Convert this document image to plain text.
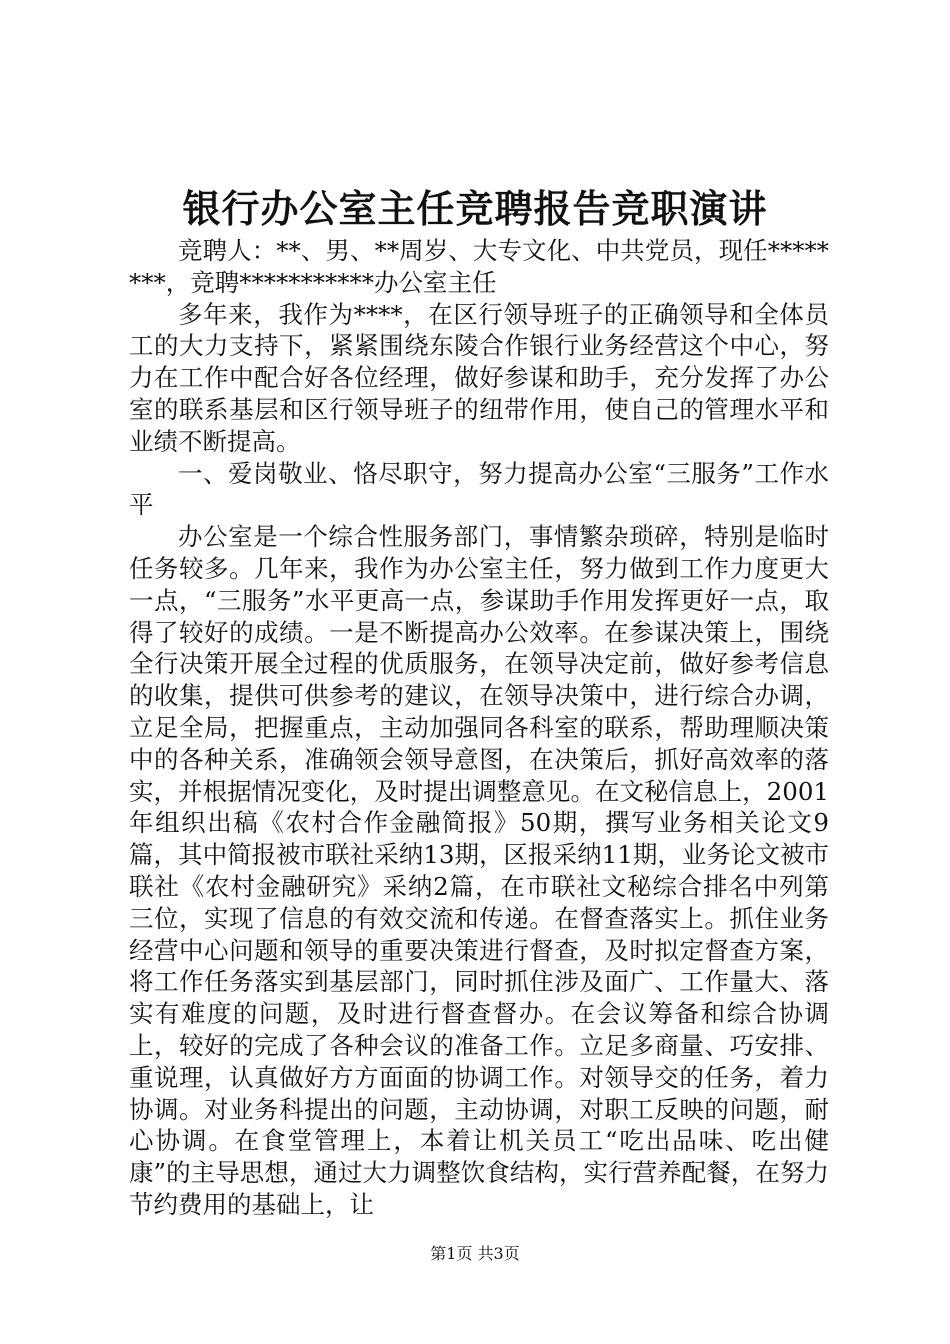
银行办公室主任竞聘报告竞职演讲

竞聘人：**、男、**周岁、大专文化、中共党员，现任********，竞聘***********办公室主任

多年来，我作为****，在区行领导班子的正确领导和全体员工的大力支持下，紧紧围绕东陵合作银行业务经营这个中心，努力在工作中配合好各位经理，做好参谋和助手，充分发挥了办公室的联系基层和区行领导班子的纽带作用，使自己的管理水平和业绩不断提高。

一、爱岗敬业、恪尽职守，努力提高办公室“三服务”工作水平

办公室是一个综合性服务部门，事情繁杂琐碎，特别是临时任务较多。几年来，我作为办公室主任，努力做到工作力度更大一点，“三服务”水平更高一点，参谋助手作用发挥更好一点，取得了较好的成绩。一是不断提高办公效率。在参谋决策上，围绕全行决策开展全过程的优质服务，在领导决定前，做好参考信息的收集，提供可供参考的建议，在领导决策中，进行综合办调，立足全局，把握重点，主动加强同各科室的联系，帮助理顺决策中的各种关系，准确领会领导意图，在决策后，抓好高效率的落实，并根据情况变化，及时提出调整意见。在文秘信息上，2001年组织出稿《农村合作金融简报》50期，撰写业务相关论文9篇，其中简报被市联社采纳13期，区报采纳11期，业务论文被市联社《农村金融研究》采纳2篇，在市联社文秘综合排名中列第三位，实现了信息的有效交流和传递。在督查落实上。抓住业务经营中心问题和领导的重要决策进行督查，及时拟定督查方案，将工作任务落实到基层部门，同时抓住涉及面广、工作量大、落实有难度的问题，及时进行督查督办。在会议筹备和综合协调上，较好的完成了各种会议的准备工作。立足多商量、巧安排、重说理，认真做好方方面面的协调工作。对领导交的任务，着力协调。对业务科提出的问题，主动协调，对职工反映的问题，耐心协调。在食堂管理上，本着让机关员工“吃出品味、吃出健康”的主导思想，通过大力调整饮食结构，实行营养配餐，在努力节约费用的基础上，让

第1页 共3页
